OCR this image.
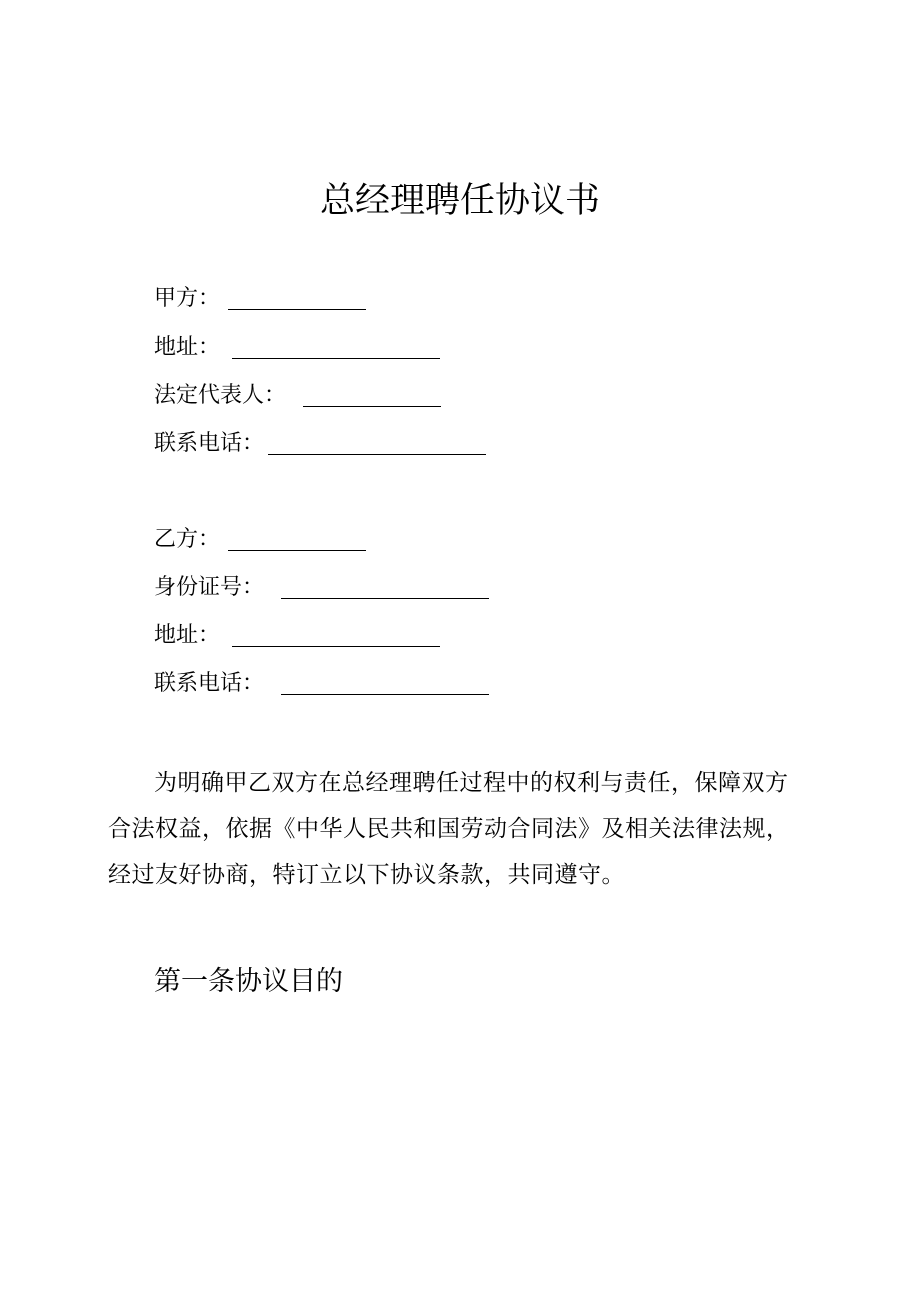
总经理聘任协议书
甲方：
地址：
法定代表人：
联系电话：
乙方：
身份证号：
地址：
联系电话：

为明确甲乙双方在总经理聘任过程中的权利与责任，保障双方合法权益，依据《中华人民共和国劳动合同法》及相关法律法规，经过友好协商，特订立以下协议条款，共同遵守。

第一条协议目的
